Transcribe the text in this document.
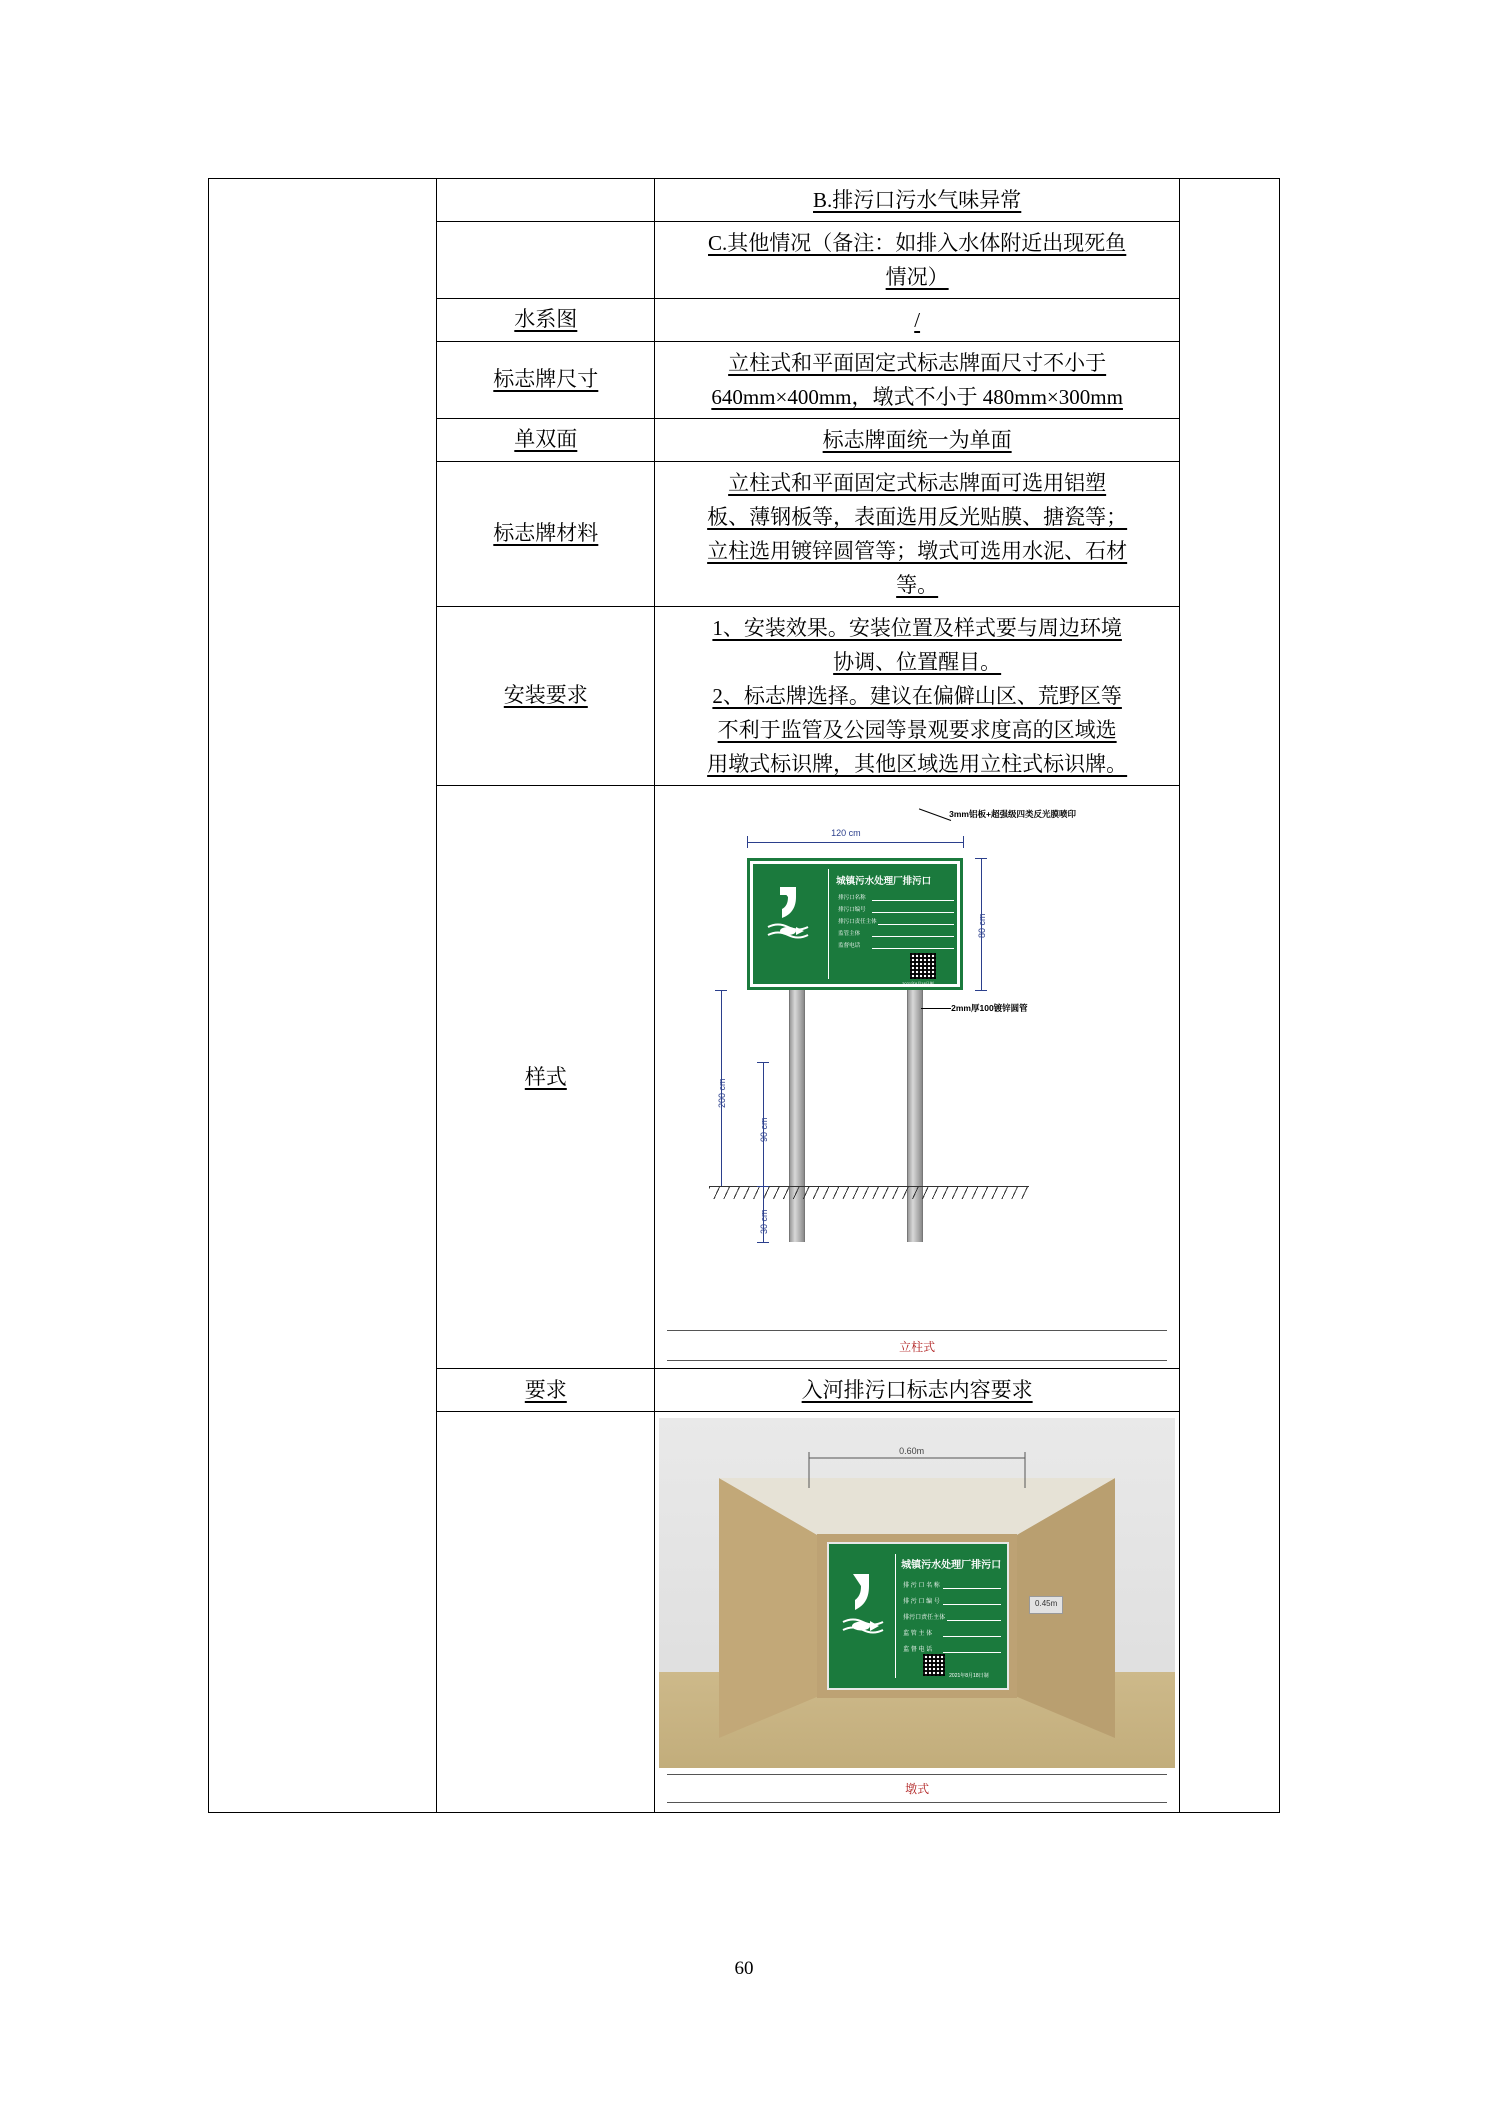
		B.排污口污水气味异常	

		C.其他情况（备注：如排入水体附近出现死鱼
情况）	

	水系图	/	
	标志牌尺寸	立柱式和平面固定式标志牌面尺寸不小于
640mm×400mm，墩式不小于 480mm×300mm	

	单双面	标志牌面统一为单面	
	标志牌材料	立柱式和平面固定式标志牌面可选用铝塑
板、薄钢板等，表面选用反光贴膜、搪瓷等；
立柱选用镀锌圆管等；墩式可选用水泥、石材
等。	

	安装要求	1、安装效果。安装位置及样式要与周边环境
协调、位置醒目。
2、标志牌选择。建议在偏僻山区、荒野区等
不利于监管及公园等景观要求度高的区域选
用墩式标识牌，其他区域选用立柱式标识牌。	

样式	
3mm铝板+超强级四类反光膜喷印
120 cm
城镇污水处理厂排污口
排污口名称
排污口编号
排污口责任主体
监管主体
监督电话
2021年8月18日制
80 cm
2mm厚100镀锌圆管
200 cm
90 cm
30 cm
立柱式

	要求	入河排污口标志内容要求	

城镇污水处理厂排污口
排 污 口 名 称
排 污 口 编 号
排污口责任主体
监 管 主 体
监 督 电 话
2021年8月18日制
0.60m
0.45m
墩式
60
